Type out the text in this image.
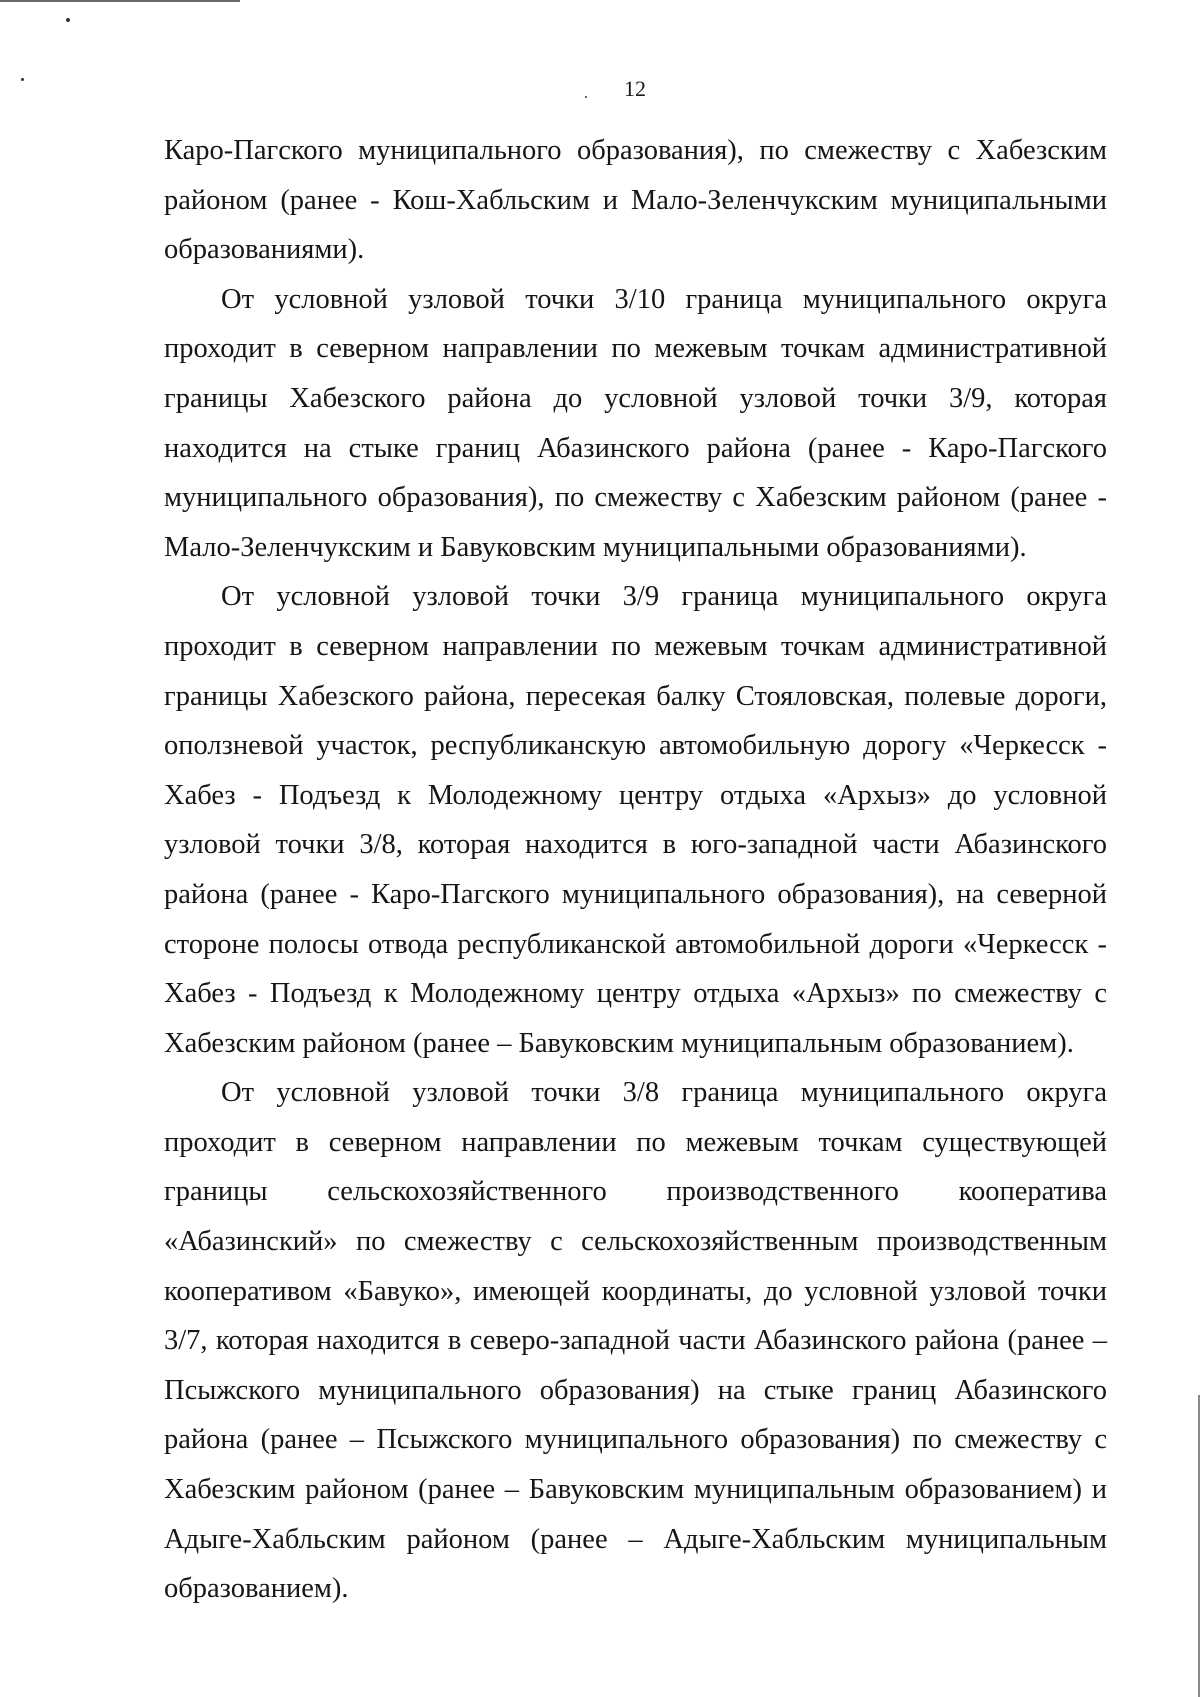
12

Каро-Пагского муниципального образования), по смежеству с Хабезским районом (ранее - Кош-Хабльским и Мало-Зеленчукским муниципальными образованиями).

От условной узловой точки 3/10 граница муниципального округа проходит в северном направлении по межевым точкам административной границы Хабезского района до условной узловой точки 3/9, которая находится на стыке границ Абазинского района (ранее - Каро-Пагского муниципального образования), по смежеству с Хабезским районом (ранее - Мало-Зеленчукским и Бавуковским муниципальными образованиями).

От условной узловой точки 3/9 граница муниципального округа проходит в северном направлении по межевым точкам административной границы Хабезского района, пересекая балку Стояловская, полевые дороги, оползневой участок, республиканскую автомобильную дорогу «Черкесск - Хабез - Подъезд к Молодежному центру отдыха «Архыз» до условной узловой точки 3/8, которая находится в юго-западной части Абазинского района (ранее - Каро-Пагского муниципального образования), на северной стороне полосы отвода республиканской автомобильной дороги «Черкесск - Хабез - Подъезд к Молодежному центру отдыха «Архыз» по смежеству с Хабезским районом (ранее – Бавуковским муниципальным образованием).

От условной узловой точки 3/8 граница муниципального округа проходит в северном направлении по межевым точкам существующей границы сельскохозяйственного производственного кооператива «Абазинский» по смежеству с сельскохозяйственным производственным кооперативом «Бавуко», имеющей координаты, до условной узловой точки 3/7, которая находится в северо-западной части Абазинского района (ранее – Псыжского муниципального образования) на стыке границ Абазинского района (ранее – Псыжского муниципального образования) по смежеству с Хабезским районом (ранее – Бавуковским муниципальным образованием) и Адыге-Хабльским районом (ранее – Адыге-Хабльским муниципальным образованием).
